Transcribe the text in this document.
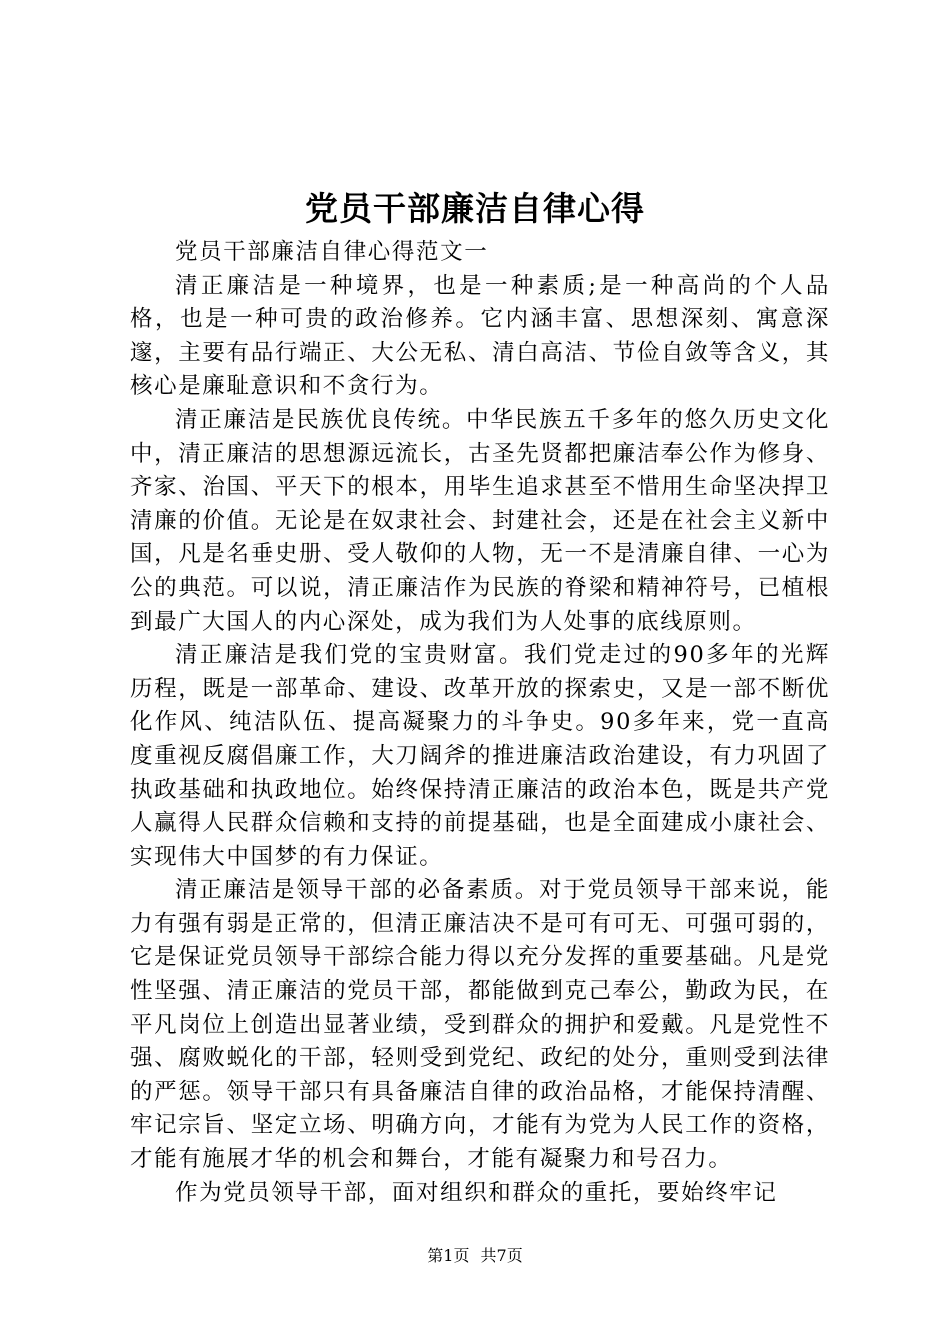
党员干部廉洁自律心得

党员干部廉洁自律心得范文一

清正廉洁是一种境界，也是一种素质;是一种高尚的个人品格，也是一种可贵的政治修养。它内涵丰富、思想深刻、寓意深邃，主要有品行端正、大公无私、清白高洁、节俭自敛等含义，其核心是廉耻意识和不贪行为。

清正廉洁是民族优良传统。中华民族五千多年的悠久历史文化中，清正廉洁的思想源远流长，古圣先贤都把廉洁奉公作为修身、齐家、治国、平天下的根本，用毕生追求甚至不惜用生命坚决捍卫清廉的价值。无论是在奴隶社会、封建社会，还是在社会主义新中国，凡是名垂史册、受人敬仰的人物，无一不是清廉自律、一心为公的典范。可以说，清正廉洁作为民族的脊梁和精神符号，已植根到最广大国人的内心深处，成为我们为人处事的底线原则。

清正廉洁是我们党的宝贵财富。我们党走过的90多年的光辉历程，既是一部革命、建设、改革开放的探索史，又是一部不断优化作风、纯洁队伍、提高凝聚力的斗争史。90多年来，党一直高度重视反腐倡廉工作，大刀阔斧的推进廉洁政治建设，有力巩固了执政基础和执政地位。始终保持清正廉洁的政治本色，既是共产党人赢得人民群众信赖和支持的前提基础，也是全面建成小康社会、实现伟大中国梦的有力保证。

清正廉洁是领导干部的必备素质。对于党员领导干部来说，能力有强有弱是正常的，但清正廉洁决不是可有可无、可强可弱的，它是保证党员领导干部综合能力得以充分发挥的重要基础。凡是党性坚强、清正廉洁的党员干部，都能做到克己奉公，勤政为民，在平凡岗位上创造出显著业绩，受到群众的拥护和爱戴。凡是党性不强、腐败蜕化的干部，轻则受到党纪、政纪的处分，重则受到法律的严惩。领导干部只有具备廉洁自律的政治品格，才能保持清醒、牢记宗旨、坚定立场、明确方向，才能有为党为人民工作的资格，才能有施展才华的机会和舞台，才能有凝聚力和号召力。

作为党员领导干部，面对组织和群众的重托，要始终牢记

第1页 共7页
